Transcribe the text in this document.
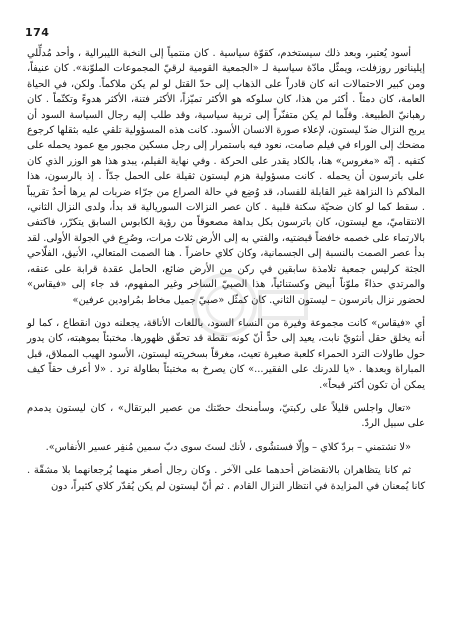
174

أسود يُعتبر، وبعد ذلك سيستخدم، كقوّة سياسية . كان منتمياً إلى النخبة الليبرالية ، وأحد مُدلِّلي إيليناتور روزفلت، ويمثّل مادّة سياسية لـ «الجمعية القومية لرقيّ المجموعات الملوّنة». كان عنيفاً، ومن كبير الاحتمالات انه كان قادراً على الذهاب إلى حدّ القتل لو لم يكن ملاكماً. ولكن، في الحياة العامة، كان دمثاً . أكثر من هذا، كان سلوكه هو الأكثر تميّزاً، الأكثر فتنة، الأكثر هدوءً وتكتّماً . كان رهبانيّ الطبيعة. وقلّما لم يكن متفنّراً إلى تربية سياسية، وقد طلب إليه رجال السياسة السود أن يربح النزال ضدّ ليستون، لإعلاء صورة الانسان الأسود. كانت هذه المسؤولية تلقي عليه بثقلها كرجوع مضحك إلى الوراء في فيلم صامت، نعود فيه باستمرار إلى رجل مسكين مجبور مع عمود يحمله على كتفيه . إنّه «مغروس» هنا، بالكاد يقدر على الحركة . وفي نهاية الفيلم، يبدو هذا هو الوزر الذي كان على باترسون أن يحمله . كانت مسؤولية هزم ليستون ثقيلة على الحمل جدّاً . إذ بالرسون، هذا الملاكم ذا النزاهة غير القابلة للفساد، قد وُضِع في حالة الصراع من جرّاء ضربات لم يرها أحدٌ تقريباً . سقط كما لو كان ضحيّة سكتة قلبية . كان عصر النزالات السوريالية قد بدأ، ولدى النزال الثاني، الانتقاميّ، مع ليستون، كان باترسون بكل بداهة مصعوقاً من رؤية الكابوس السابق يتكرّر، فاكتفى بالارتماء على خصمه خافضاً قبضتيه، والفتي به إلى الأرض ثلاث مرات، وصُرِع في الجولة الأولى. لقد بدأ عصر الصمت بالنسبة إلى الجسمانية، وكان كلاي حاضراً . هنا الصمت المتعالي، الأنيق، الفلّاحي الجثة كرليس جمعية تلامذة سابقين في ركن من الأرض ضائع، الحامل عقدة قرابة على عنقه، والمرتدي حذاءً ملوّناً أبيض وكستنائياً، هذا الصبيّ الساخر وغير المفهوم، قد جاء إلى «فيقاس» لحضور نزال باترسون – ليستون الثاني. كان كمثّل «صبيّ جميل مخاط بمُراودين عرفين»

أي «فيقاس» كانت مجموعة وفيرة من النساء السود، باللغات الأناقة، يجعلنه دون انقطاع ، كما لو أنه يخلق حقل أنثويّ نابت، يعيد إلى حدٍّ أنّ كونه نقطة قد تحقّق ظهورها. مختبئاً بموهبته، كان يدور حول طاولات الترد الحمراء كلعبة صغيرة تعيث، مغرقاً بسخريته ليستون، الأسود الهيب المملاق، قبل المباراة وبعدها . «يا للدرنك على الفقير...» كان يصرخ به مختبئاً بطاولة ترد . «لا أعرف حقاً كيف يمكن أن تكون أكثر قبحاً».

«تعال واجلس قليلاً على ركبتيّ، وسأمنحك حصّتك من عصير البرتقال» ، كان ليستون يدمدم على سبيل الردّ.

«لا تشتمني – بردّ كلاي – وإلّا فستشُوى ، لأنك لستَ سوى دبّ سمين مُنفِر عسير الأنفاس».

ثم كانا يتظاهران بالانقضاض أحدهما على الآخر . وكان رجال أصغر منهما يُرجعانهما بلا مشقّة . كانا يُمعنان في المزايدة في انتظار النزال القادم . ثم أنّ ليستون لم يكن يُقدّر كلاي كثيراً، دون
